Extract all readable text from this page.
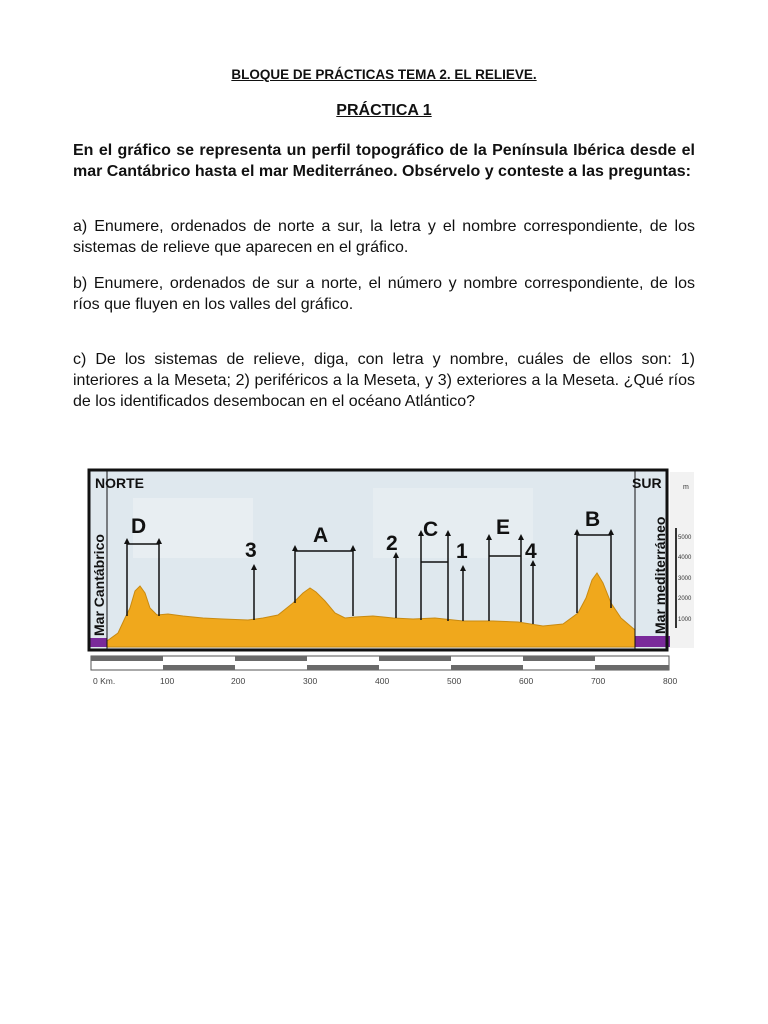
BLOQUE DE PRÁCTICAS TEMA 2. EL RELIEVE.
PRÁCTICA 1

En el gráfico se representa un perfil topográfico de la Península Ibérica desde el mar Cantábrico hasta el mar Mediterráneo. Obsérvelo y conteste a las preguntas:

a) Enumere, ordenados de norte a sur, la letra y el nombre correspondiente, de los sistemas de relieve que aparecen en el gráfico.

b) Enumere, ordenados de sur a norte, el número y nombre correspondiente, de los ríos que fluyen en los valles del gráfico.

c) De los sistemas de relieve, diga, con letra y nombre, cuáles de ellos son: 1) interiores a la Meseta; 2) periféricos a la Meseta, y 3) exteriores a la Meseta. ¿Qué ríos de los identificados desembocan en el océano Atlántico?

NORTE	SUR
Mar Cantábrico	Mar mediterráneo
m
5000
4000
3000
2000
1000
D	A	C	E	B
3	2	1	4
0 Km.	100	200	300	400	500	600	700	800
